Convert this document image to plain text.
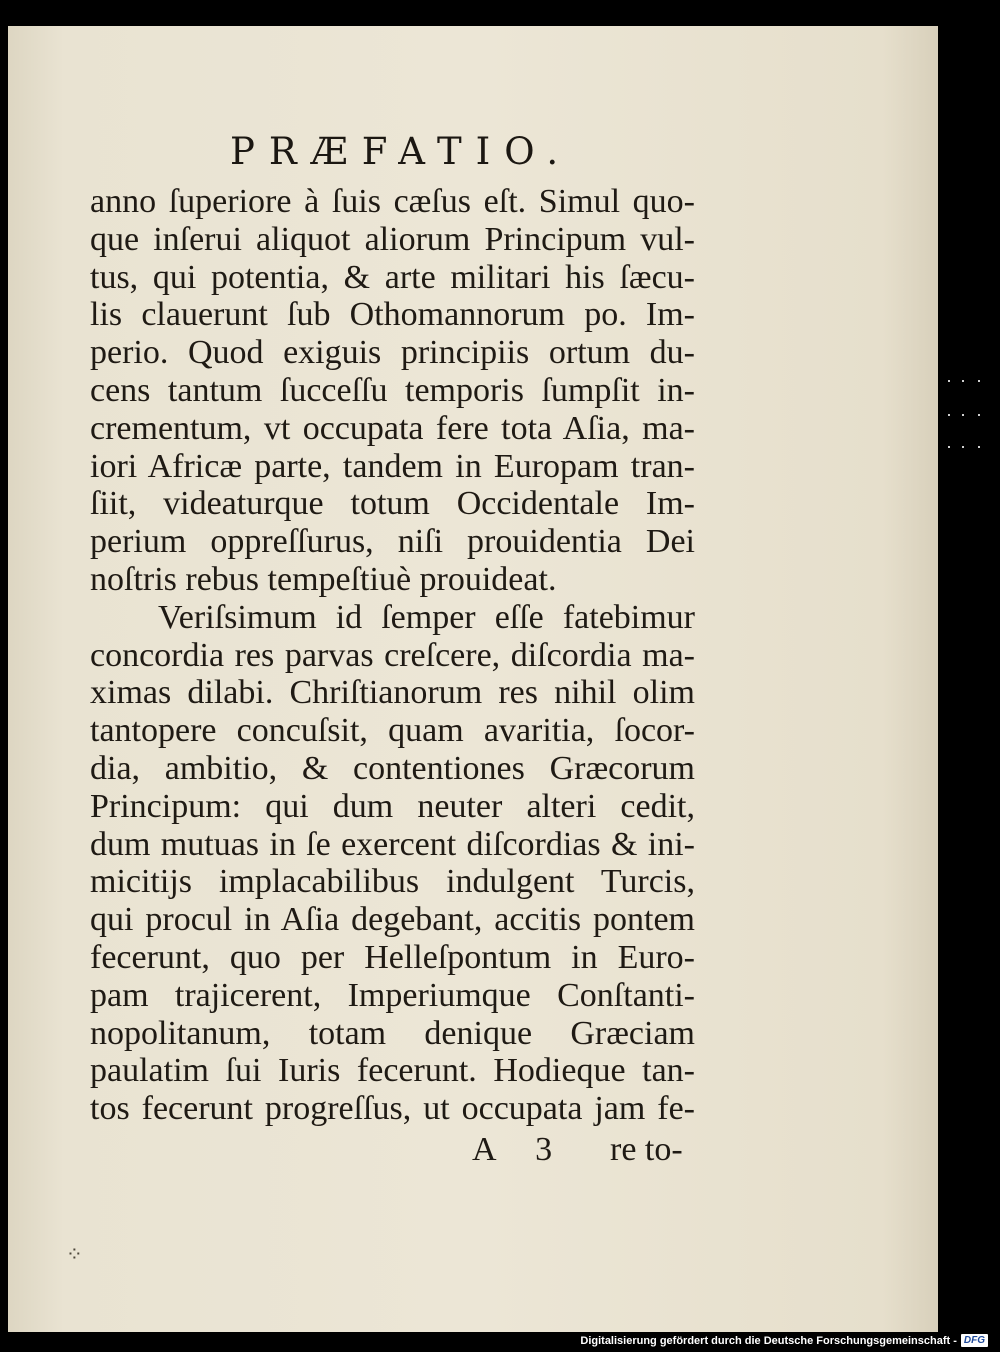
PRÆFATIO.
anno ſuperiore à ſuis cæſus eſt. Simul quo-
que inſerui aliquot aliorum Principum vul-
tus, qui potentia, & arte militari his ſæcu-
lis clauerunt ſub Othomannorum po. Im-
perio. Quod exiguis principiis ortum du-
cens tantum ſucceſſu temporis ſumpſit in-
crementum, vt occupata fere tota Aſia, ma-
iori Africæ parte, tandem in Europam tran-
ſiit, videaturque totum Occidentale Im-
perium oppreſſurus, niſi prouidentia Dei
noſtris rebus tempeſtiuè prouideat.
Veriſsimum id ſemper eſſe fatebimur
concordia res parvas creſcere, diſcordia ma-
ximas dilabi. Chriſtianorum res nihil olim
tantopere concuſsit, quam avaritia, ſocor-
dia, ambitio, & contentiones Græcorum
Principum: qui dum neuter alteri cedit,
dum mutuas in ſe exercent diſcordias & ini-
micitijs implacabilibus indulgent Turcis,
qui procul in Aſia degebant, accitis pontem
fecerunt, quo per Helleſpontum in Euro-
pam trajicerent, Imperiumque Conſtanti-
nopolitanum, totam denique Græciam
paulatim ſui Iuris fecerunt. Hodieque tan-
tos fecerunt progreſſus, ut occupata jam fe-
A 3 re to-
⁘
Digitalisierung gefördert durch die Deutsche Forschungsgemeinschaft - DFG
